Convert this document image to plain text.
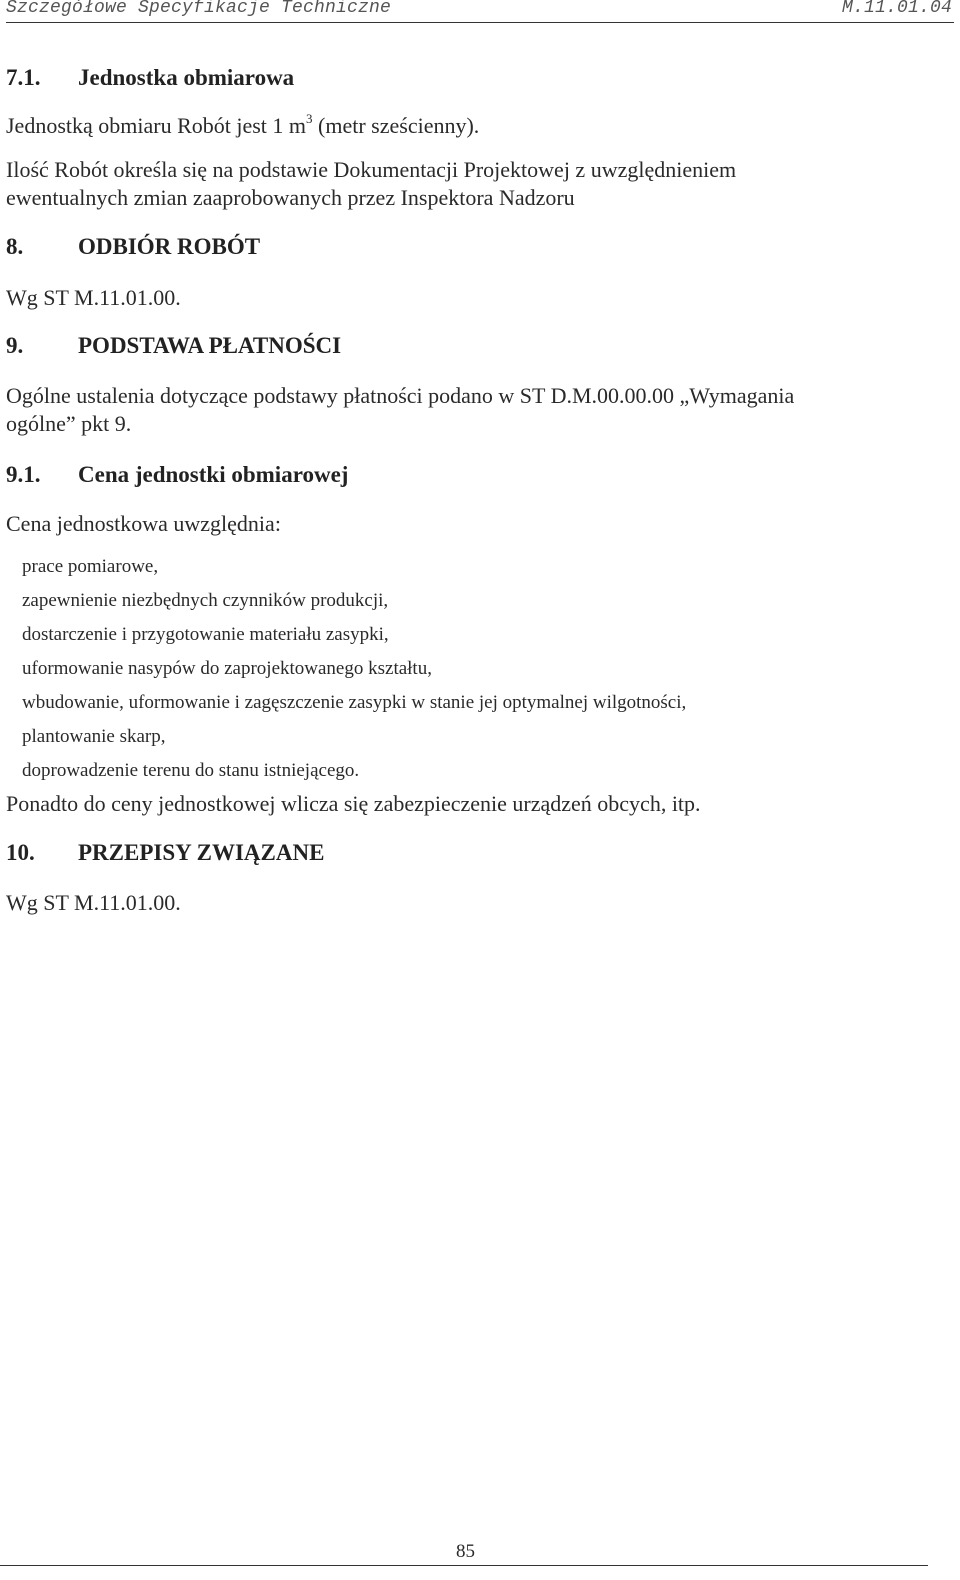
Szczegółowe Specyfikacje Techniczne	M.11.01.04
7.1. Jednostka obmiarowa

Jednostką obmiaru Robót jest 1 $m^3$ (metr sześcienny).

Ilość Robót określa się na podstawie Dokumentacji Projektowej z uwzględnieniem
ewentualnych zmian zaaprobowanych przez Inspektora Nadzoru

8. ODBIÓR ROBÓT

Wg ST M.11.01.00.

9. PODSTAWA PŁATNOŚCI

Ogólne ustalenia dotyczące podstawy płatności podano w ST D.M.00.00.00 „Wymagania
ogólne” pkt 9.

9.1. Cena jednostki obmiarowej

Cena jednostkowa uwzględnia:

prace pomiarowe,
zapewnienie niezbędnych czynników produkcji,
dostarczenie i przygotowanie materiału zasypki,
uformowanie nasypów do zaprojektowanego kształtu,
wbudowanie, uformowanie i zagęszczenie zasypki w stanie jej optymalnej wilgotności,
plantowanie skarp,
doprowadzenie terenu do stanu istniejącego.

Ponadto do ceny jednostkowej wlicza się zabezpieczenie urządzeń obcych, itp.

10. PRZEPISY ZWIĄZANE

Wg ST M.11.01.00.

85
